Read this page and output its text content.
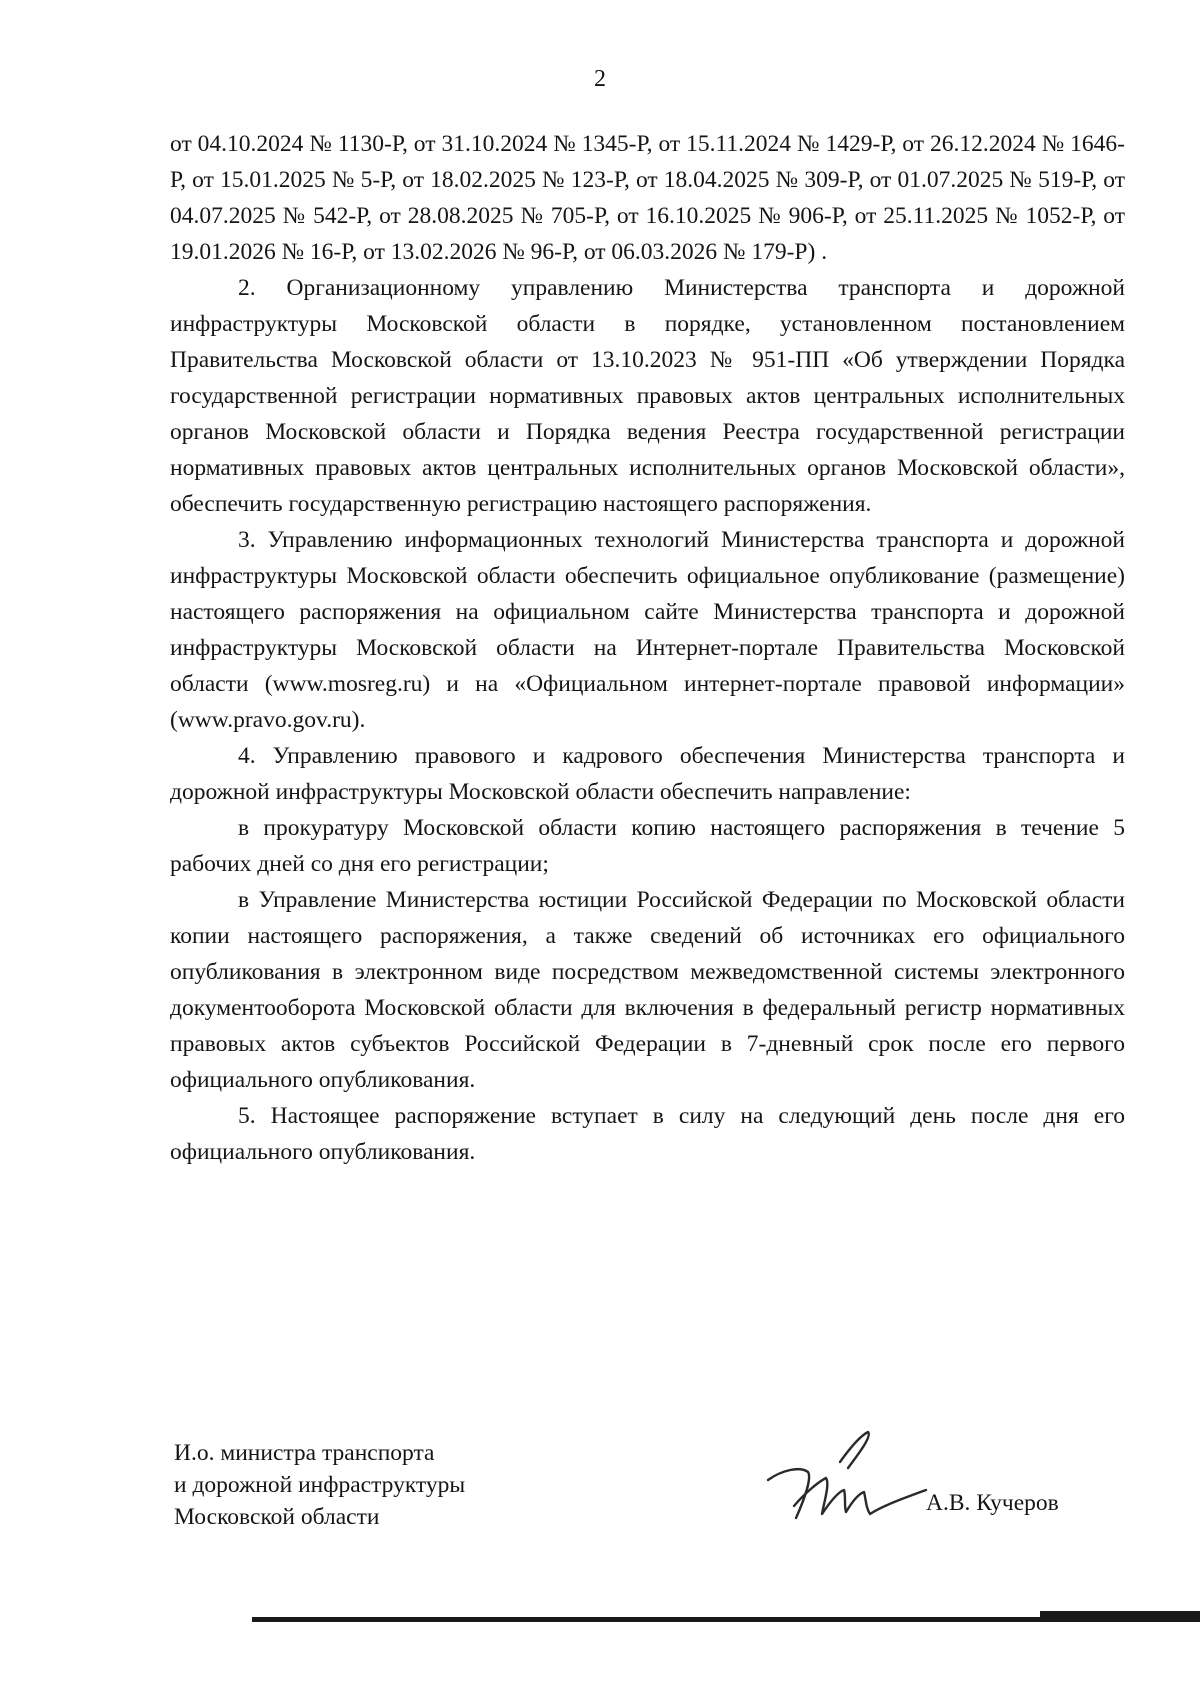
2

от 04.10.2024 № 1130-Р, от 31.10.2024 № 1345-Р, от 15.11.2024 № 1429-Р, от 26.12.2024 № 1646-Р, от 15.01.2025 № 5-Р, от 18.02.2025 № 123-Р, от 18.04.2025 № 309-Р, от 01.07.2025 № 519-Р, от 04.07.2025 № 542-Р, от 28.08.2025 № 705-Р, от 16.10.2025 № 906-Р, от 25.11.2025 № 1052-Р, от 19.01.2026 № 16-Р, от 13.02.2026 № 96-Р, от 06.03.2026 № 179-Р) .

2. Организационному управлению Министерства транспорта и дорожной инфраструктуры Московской области в порядке, установленном постановлением Правительства Московской области от 13.10.2023 № 951-ПП «Об утверждении Порядка государственной регистрации нормативных правовых актов центральных исполнительных органов Московской области и Порядка ведения Реестра государственной регистрации нормативных правовых актов центральных исполнительных органов Московской области», обеспечить государственную регистрацию настоящего распоряжения.

3. Управлению информационных технологий Министерства транспорта и дорожной инфраструктуры Московской области обеспечить официальное опубликование (размещение) настоящего распоряжения на официальном сайте Министерства транспорта и дорожной инфраструктуры Московской области на Интернет-портале Правительства Московской области (www.mosreg.ru) и на «Официальном интернет-портале правовой информации» (www.pravo.gov.ru).

4. Управлению правового и кадрового обеспечения Министерства транспорта и дорожной инфраструктуры Московской области обеспечить направление:

в прокуратуру Московской области копию настоящего распоряжения в течение 5 рабочих дней со дня его регистрации;

в Управление Министерства юстиции Российской Федерации по Московской области копии настоящего распоряжения, а также сведений об источниках его официального опубликования в электронном виде посредством межведомственной системы электронного документооборота Московской области для включения в федеральный регистр нормативных правовых актов субъектов Российской Федерации в 7-дневный срок после его первого официального опубликования.

5. Настоящее распоряжение вступает в силу на следующий день после дня его официального опубликования.

И.о. министра транспорта
и дорожной инфраструктуры
Московской области
А.В. Кучеров
